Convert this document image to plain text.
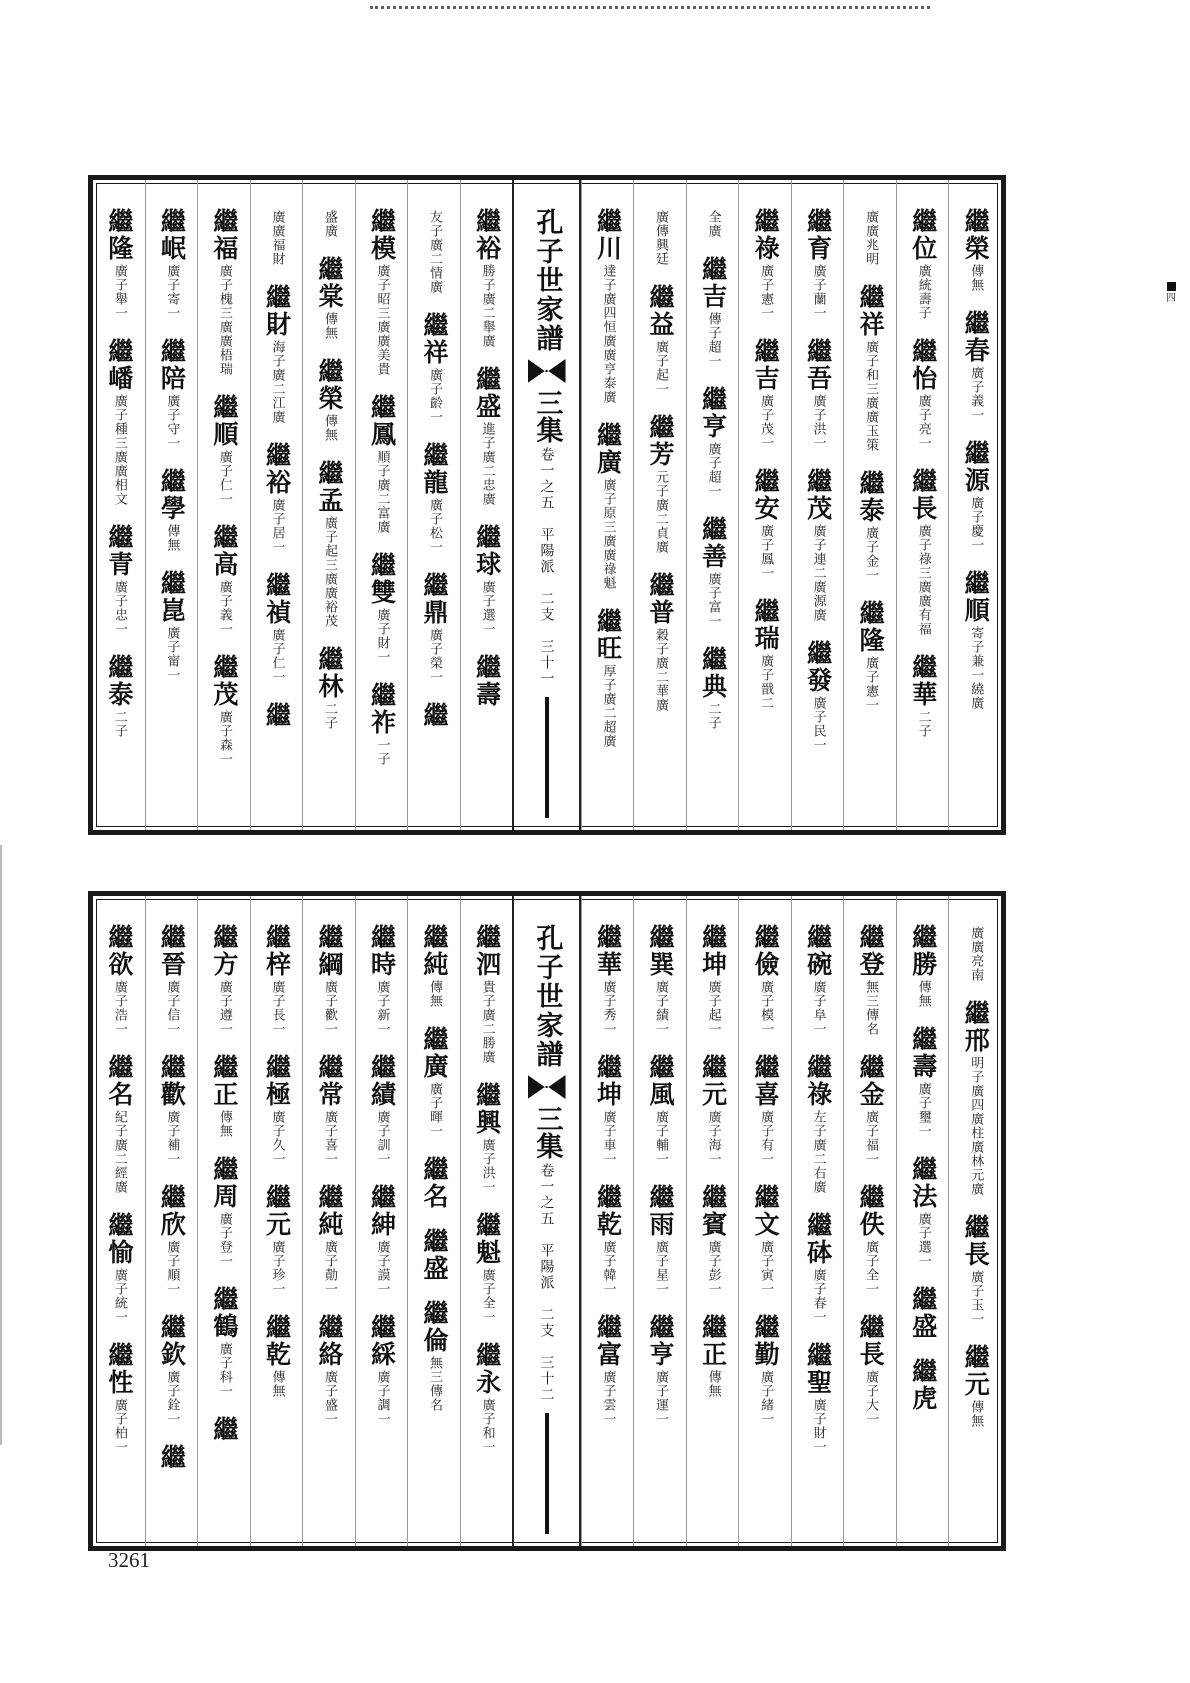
四
繼榮
傳無
繼春
廣子義一
繼源
廣子慶一
繼順
寄子兼一繞廣
繼位
廣統壽子
繼怡
廣子亮一
繼長
廣子祿三廣廣有福
繼華
二子
廣廣兆明
繼祥
廣子和三廣廣玉策
繼泰
廣子金一
繼隆
廣子憲一
繼育
廣子蘭一
繼吾
廣子洪一
繼茂
廣子連二廣源廣
繼發
廣子民一
繼祿
廣子憲一
繼吉
廣子茂一
繼安
廣子鳳一
繼瑞
廣子戩二
全廣
繼吉
傳子超一
繼亨
廣子超一
繼善
廣子富一
繼典
二子
廣傳興廷
繼益
廣子起一
繼芳
元子廣二貞廣
繼普
穀子廣二華廣
繼川
達子廣四恒廣廣亨泰廣
繼廣
廣子原三廣廣祿魁
繼旺
厚子廣二超廣
孔子世家譜
三集
卷一之五　平陽派　二支　三十一
繼裕
勝子廣二舉廣
繼盛
進子廣二忠廣
繼球
廣子選一
繼壽
友子廣二情廣
繼祥
廣子齡一
繼龍
廣子松一
繼鼎
廣子榮一
繼
繼模
廣子昭三廣廣美貴
繼鳳
順子廣二富廣
繼雙
廣子財一
繼祚
一子
盛廣
繼棠
傳無
繼榮
傳無
繼孟
廣子起三廣廣裕茂
繼林
二子
廣廣福財
繼財
海子廣二江廣
繼裕
廣子居一
繼禎
廣子仁一
繼
繼福
廣子槐三廣廣梧瑞
繼順
廣子仁一
繼高
廣子義一
繼茂
廣子森一
繼岷
廣子寄一
繼陪
廣子守一
繼學
傳無
繼崑
廣子甯一
繼隆
廣子舉一
繼嶓
廣子種三廣廣相文
繼青
廣子忠一
繼泰
二子
廣廣亮南
繼邢
明子廣四廣柱廣林元廣
繼長
廣子玉一
繼元
傳無
繼勝
傳無
繼壽
廣子璽一
繼法
廣子選一
繼盛
繼虎
繼登
無三傳名
繼金
廣子福一
繼佚
廣子全一
繼長
廣子大一
繼碗
廣子阜一
繼祿
左子廣二右廣
繼砵
廣子春一
繼聖
廣子財一
繼儉
廣子模一
繼喜
廣子有一
繼文
廣子寅一
繼勤
廣子緒一
繼坤
廣子起一
繼元
廣子海一
繼賓
廣子彭一
繼正
傳無
繼巽
廣子績一
繼風
廣子輔一
繼雨
廣子星一
繼亨
廣子運一
繼華
廣子秀一
繼坤
廣子車一
繼乾
廣子韓一
繼富
廣子雲一
孔子世家譜
三集
卷一之五　平陽派　二支　三十二
繼泗
貴子廣二勝廣
繼興
廣子洪一
繼魁
廣子全一
繼永
廣子和一
繼純
傳無
繼廣
廣子暉一
繼名
繼盛
繼倫
無三傳名
繼時
廣子新一
繼績
廣子訓一
繼紳
廣子謨一
繼綵
廣子調一
繼綱
廣子歡一
繼常
廣子喜一
繼純
廣子勣一
繼絡
廣子盛一
繼梓
廣子長一
繼極
廣子久一
繼元
廣子珍一
繼乾
傳無
繼方
廣子遵一
繼正
傳無
繼周
廣子登一
繼鶴
廣子科一
繼
繼晉
廣子信一
繼歡
廣子補一
繼欣
廣子順一
繼欽
廣子銓一
繼
繼欲
廣子浩一
繼名
紀子廣二經廣
繼愉
廣子統一
繼性
廣子柏一
3261
